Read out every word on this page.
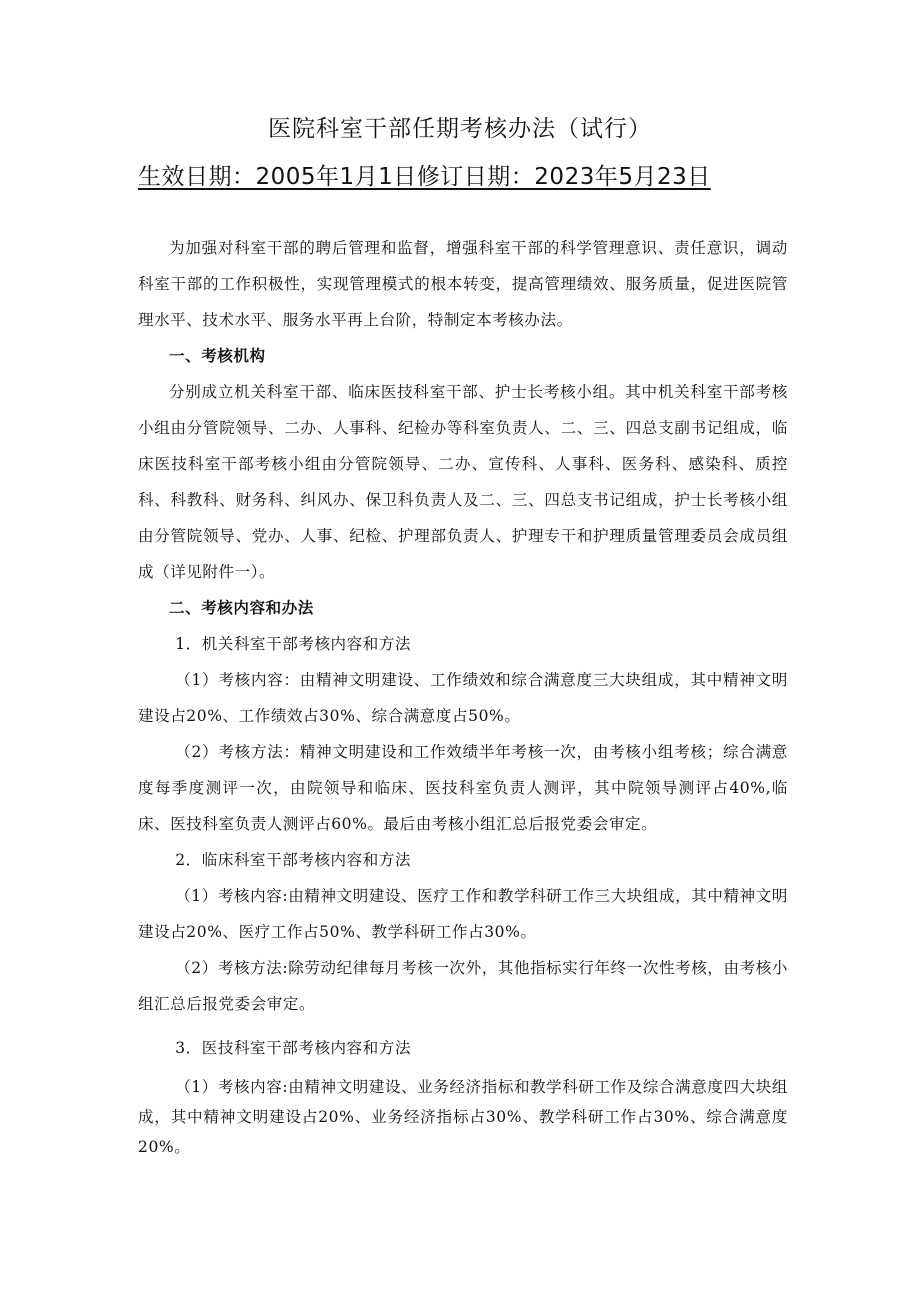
医院科室干部任期考核办法（试行）
生效日期：2005年1月1日修订日期：2023年5月23日

为加强对科室干部的聘后管理和监督，增强科室干部的科学管理意识、责任意识，调动科室干部的工作积极性，实现管理模式的根本转变，提高管理绩效、服务质量，促进医院管理水平、技术水平、服务水平再上台阶，特制定本考核办法。

一、考核机构

分别成立机关科室干部、临床医技科室干部、护士长考核小组。其中机关科室干部考核小组由分管院领导、二办、人事科、纪检办等科室负责人、二、三、四总支副书记组成，临床医技科室干部考核小组由分管院领导、二办、宣传科、人事科、医务科、感染科、质控科、科教科、财务科、纠风办、保卫科负责人及二、三、四总支书记组成，护士长考核小组由分管院领导、党办、人事、纪检、护理部负责人、护理专干和护理质量管理委员会成员组成（详见附件一）。

二、考核内容和办法

1．机关科室干部考核内容和方法

（1）考核内容：由精神文明建设、工作绩效和综合满意度三大块组成，其中精神文明建设占20%、工作绩效占30%、综合满意度占50%。

（2）考核方法：精神文明建设和工作效绩半年考核一次，由考核小组考核；综合满意度每季度测评一次，由院领导和临床、医技科室负责人测评，其中院领导测评占40%,临床、医技科室负责人测评占60%。最后由考核小组汇总后报党委会审定。

2．临床科室干部考核内容和方法

（1）考核内容:由精神文明建设、医疗工作和教学科研工作三大块组成，其中精神文明建设占20%、医疗工作占50%、教学科研工作占30%。

（2）考核方法:除劳动纪律每月考核一次外，其他指标实行年终一次性考核，由考核小组汇总后报党委会审定。

3．医技科室干部考核内容和方法

（1）考核内容:由精神文明建设、业务经济指标和教学科研工作及综合满意度四大块组成，其中精神文明建设占20%、业务经济指标占30%、教学科研工作占30%、综合满意度20%。
